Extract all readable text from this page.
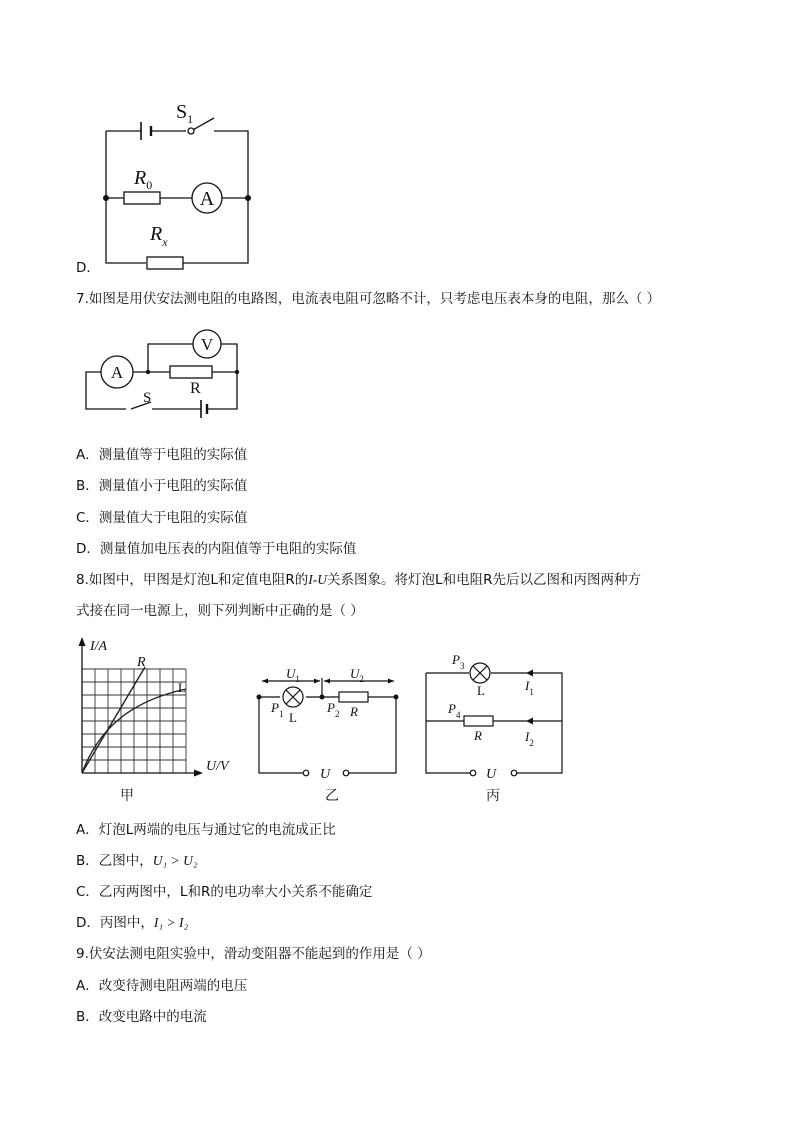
$S_1$
A
$R_0$
$R_x$
D．
7.如图是用伏安法测电阻的电路图，电流表电阻可忽略不计，只考虑电压表本身的电阻，那么（ ）
A
V
R
S
A．测量值等于电阻的实际值
B．测量值小于电阻的实际值
C．测量值大于电阻的实际值
D．测量值加电压表的内阻值等于电阻的实际值
8.如图中，甲图是灯泡L和定值电阻R的I-U关系图象。将灯泡L和电阻R先后以乙图和丙图两种方
式接在同一电源上，则下列判断中正确的是（ ）
I/A
U/V
R
L
甲
$U_1$	$U_2$
$P_1$ L
$P_2$ R
U
乙
$P_3$
L	$I_1$
$P_4$
R	$I_2$
U
丙
A．灯泡L两端的电压与通过它的电流成正比
B．乙图中，U₁ > U₂
C．乙丙两图中，L和R的电功率大小关系不能确定
D．丙图中，I₁ > I₂
9.伏安法测电阻实验中，滑动变阻器不能起到的作用是（ ）
A．改变待测电阻两端的电压
B．改变电路中的电流
